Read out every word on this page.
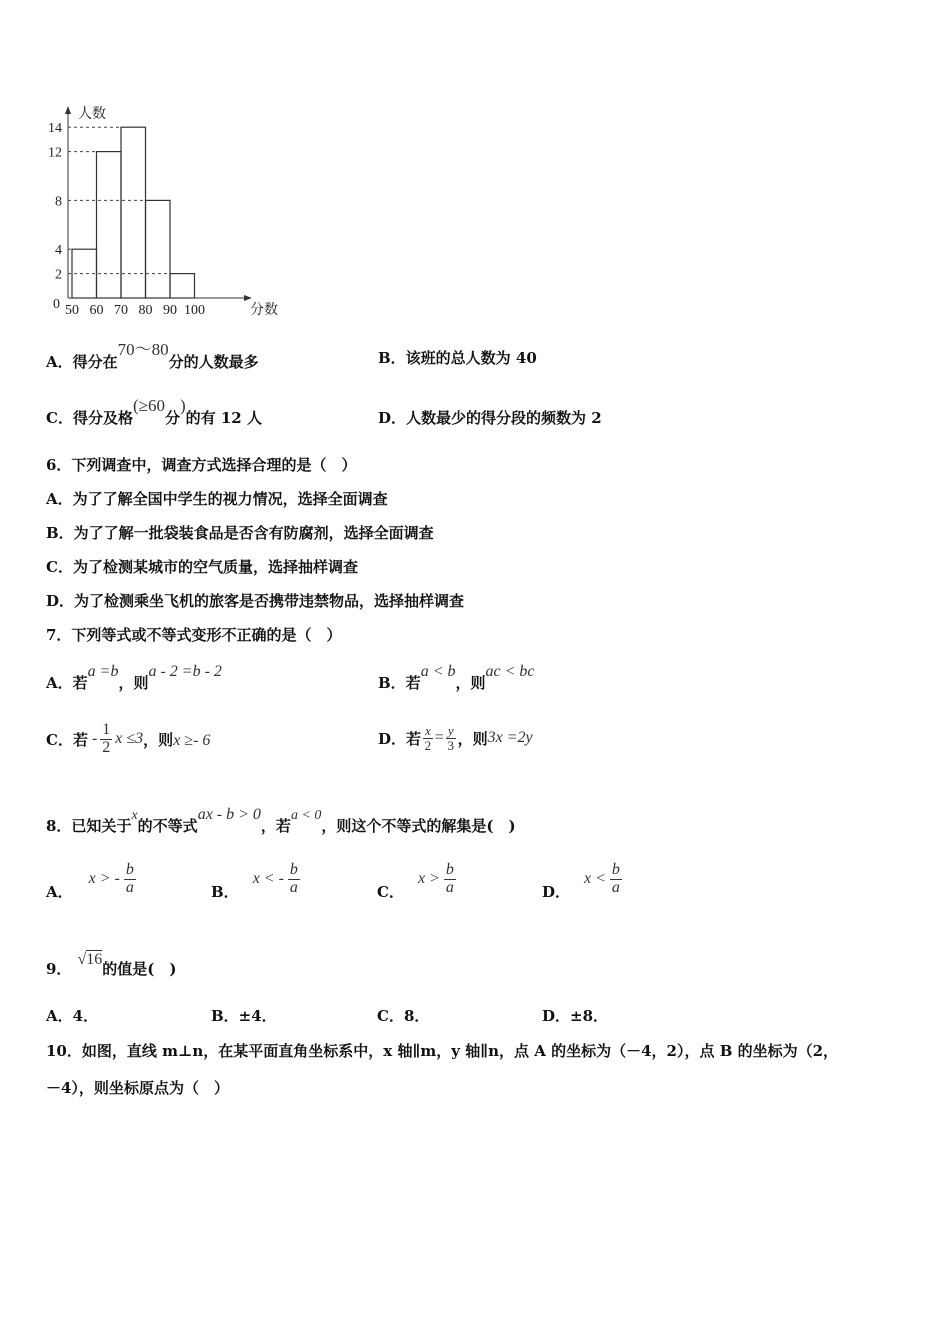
人数
分数
0
2
4
8
12
14
50 60 70 80 90 100
A．得分在70～80分的人数最多	B．该班的总人数为 40
C．得分及格(≥60分)的有 12 人	D．人数最少的得分段的频数为 2
6．下列调查中，调查方式选择合理的是（　）
A．为了了解全国中学生的视力情况，选择全面调查
B．为了了解一批袋装食品是否含有防腐剂，选择全面调查
C．为了检测某城市的空气质量，选择抽样调查
D．为了检测乘坐飞机的旅客是否携带违禁物品，选择抽样调查
7．下列等式或不等式变形不正确的是（　）
A．若a =b，则a - 2 =b - 2
B．若a < b，则ac < bc
C．若 - $\frac{1}{2}$ x ≤3 ，则 x ≥- 6	D．若 $\frac{x}{2} = \frac{y}{3}$ ，则 3x =2y
8．已知关于x的不等式ax - b > 0，若a < 0，则这个不等式的解集是(　)
A．
x > - $\frac{b}{a}$	B．
x < - $\frac{b}{a}$	C．
$x > \frac{b}{a}$	D．
$x < \frac{b}{a}$
9．√16的值是(　)
A．4．	B．±4．	C．8．	D．±8．
10．如图，直线 m⊥n，在某平面直角坐标系中，x 轴∥m，y 轴∥n，点 A 的坐标为（－4，2），点 B 的坐标为（2，
－4），则坐标原点为（　）
